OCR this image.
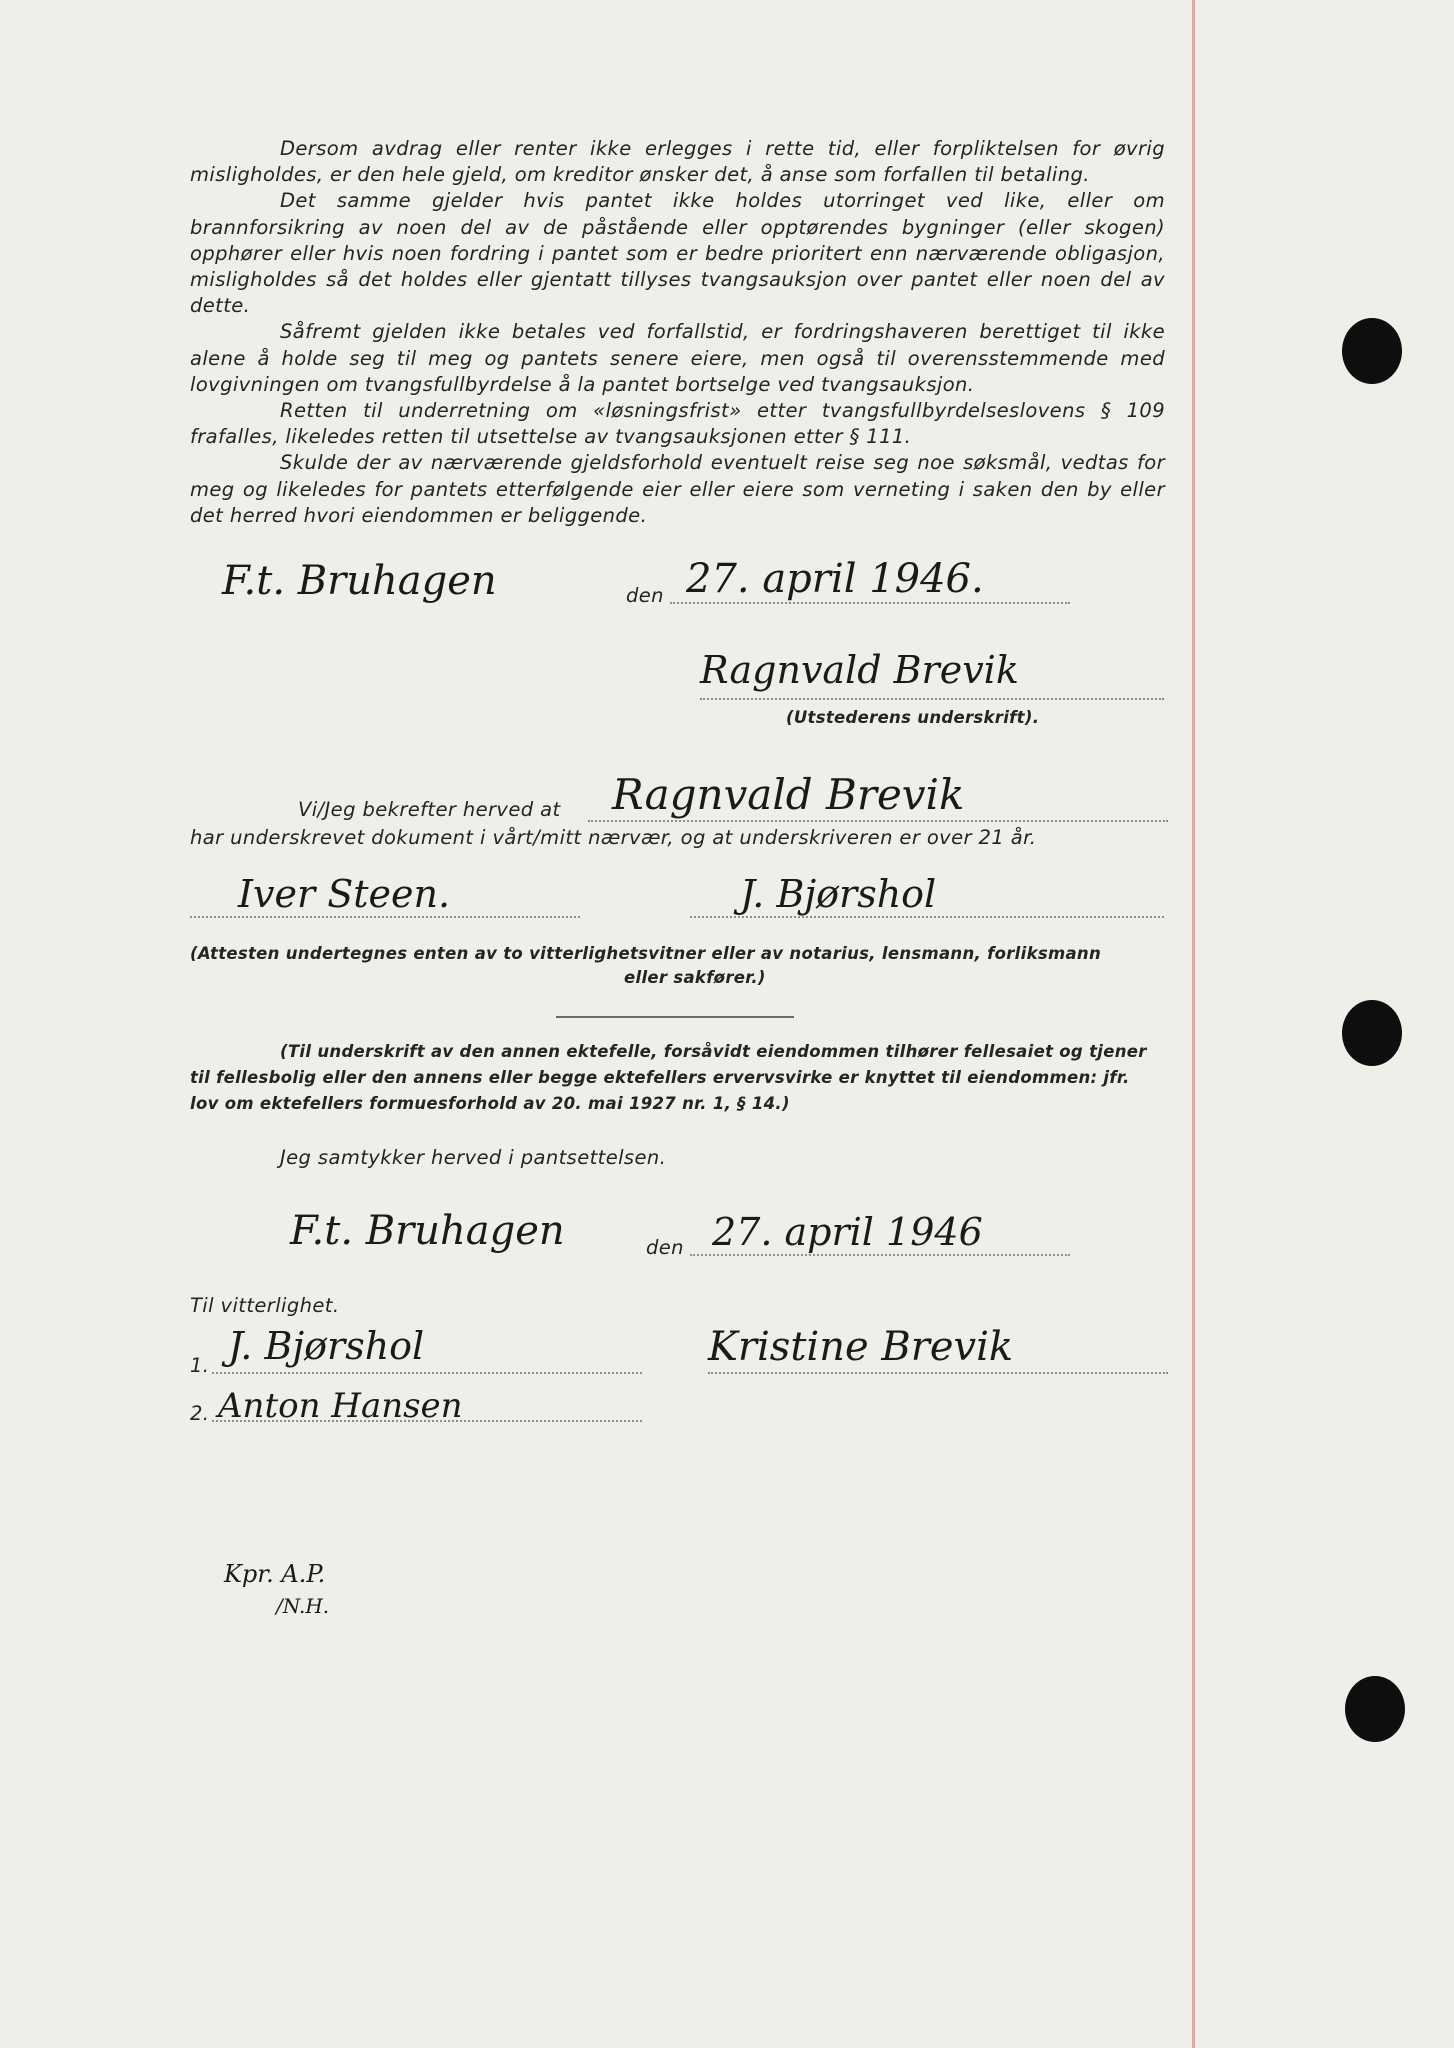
Dersom avdrag eller renter ikke erlegges i rette tid, eller forpliktelsen for øvrig misligholdes, er den hele gjeld, om kreditor ønsker det, å anse som forfallen til betaling.

Det samme gjelder hvis pantet ikke holdes utorringet ved like, eller om brannforsikring av noen del av de påstående eller opptørendes bygninger (eller skogen) opphører eller hvis noen fordring i pantet som er bedre prioritert enn nærværende obligasjon, misligholdes så det holdes eller gjentatt tillyses tvangsauksjon over pantet eller noen del av dette.

Såfremt gjelden ikke betales ved forfallstid, er fordringshaveren berettiget til ikke alene å holde seg til meg og pantets senere eiere, men også til overensstemmende med lovgivningen om tvangsfullbyrdelse å la pantet bortselge ved tvangsauksjon.

Retten til underretning om «løsningsfrist» etter tvangsfullbyrdelseslovens § 109 frafalles, likeledes retten til utsettelse av tvangsauksjonen etter § 111.

Skulde der av nærværende gjeldsforhold eventuelt reise seg noe søksmål, vedtas for meg og likeledes for pantets etterfølgende eier eller eiere som verneting i saken den by eller det herred hvori eiendommen er beliggende.

F.t. Bruhagen	den 27. april 1946.
Ragnvald Brevik
(Utstederens underskrift).
Vi/Jeg bekrefter herved at Ragnvald Brevik
har underskrevet dokument i vårt/mitt nærvær, og at underskriveren er over 21 år.
Iver Steen.	J. Bjørshol
(Attesten undertegnes enten av to vitterlighetsvitner eller av notarius, lensmann, forliksmann
eller sakfører.)
(Til underskrift av den annen ektefelle, forsåvidt eiendommen tilhører fellesaiet og tjener
til fellesbolig eller den annens eller begge ektefellers ervervsvirke er knyttet til eiendommen: jfr.
lov om ektefellers formuesforhold av 20. mai 1927 nr. 1, § 14.)
Jeg samtykker herved i pantsettelsen.
F.t. Bruhagen	den 27. april 1946
Til vitterlighet.
1. J. Bjørshol	Kristine Brevik
2. Anton Hansen
Kpr. A.P.
/N.H.
